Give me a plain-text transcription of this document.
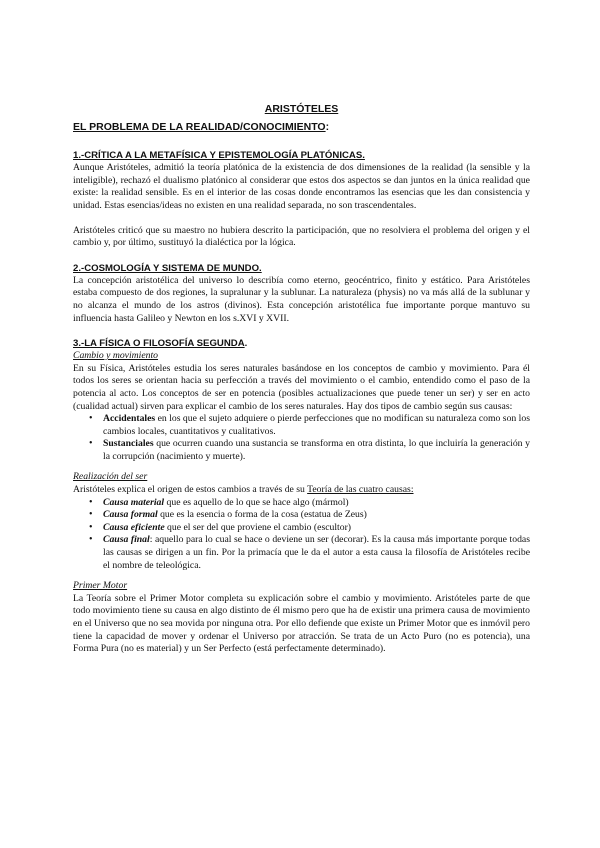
ARISTÓTELES
EL PROBLEMA DE LA REALIDAD/CONOCIMIENTO:
1.-CRÍTICA A LA METAFÍSICA Y EPISTEMOLOGÍA PLATÓNICAS.

Aunque Aristóteles, admitió la teoría platónica de la existencia de dos dimensiones de la realidad (la sensible y la inteligible), rechazó el dualismo platónico al considerar que estos dos aspectos se dan juntos en la única realidad que existe: la realidad sensible. Es en el interior de las cosas donde encontramos las esencias que les dan consistencia y unidad. Estas esencias/ideas no existen en una realidad separada, no son trascendentales.

Aristóteles criticó que su maestro no hubiera descrito la participación, que no resolviera el problema del origen y el cambio y, por último, sustituyó la dialéctica por la lógica.

2.-COSMOLOGÍA Y SISTEMA DE MUNDO.

La concepción aristotélica del universo lo describía como eterno, geocéntrico, finito y estático. Para Aristóteles estaba compuesto de dos regiones, la supralunar y la sublunar. La naturaleza (physis) no va más allá de la sublunar y no alcanza el mundo de los astros (divinos). Esta concepción aristotélica fue importante porque mantuvo su influencia hasta Galileo y Newton en los s.XVI y XVII.

3.-LA FÍSICA O FILOSOFÍA SEGUNDA.
Cambio y movimiento

En su Física, Aristóteles estudia los seres naturales basándose en los conceptos de cambio y movimiento. Para él todos los seres se orientan hacia su perfección a través del movimiento o el cambio, entendido como el paso de la potencia al acto. Los conceptos de ser en potencia (posibles actualizaciones que puede tener un ser) y ser en acto (cualidad actual) sirven para explicar el cambio de los seres naturales. Hay dos tipos de cambio según sus causas:

• Accidentales en los que el sujeto adquiere o pierde perfecciones que no modifican su naturaleza como son los cambios locales, cuantitativos y cualitativos.
• Sustanciales que ocurren cuando una sustancia se transforma en otra distinta, lo que incluiría la generación y la corrupción (nacimiento y muerte).
Realización del ser

Aristóteles explica el origen de estos cambios a través de su Teoría de las cuatro causas:

• Causa material que es aquello de lo que se hace algo (mármol)
• Causa formal que es la esencia o forma de la cosa (estatua de Zeus)
• Causa eficiente que el ser del que proviene el cambio (escultor)
• Causa final: aquello para lo cual se hace o deviene un ser (decorar). Es la causa más importante porque todas las causas se dirigen a un fin. Por la primacía que le da el autor a esta causa la filosofía de Aristóteles recibe el nombre de teleológica.
Primer Motor

La Teoría sobre el Primer Motor completa su explicación sobre el cambio y movimiento. Aristóteles parte de que todo movimiento tiene su causa en algo distinto de él mismo pero que ha de existir una primera causa de movimiento en el Universo que no sea movida por ninguna otra. Por ello defiende que existe un Primer Motor que es inmóvil pero tiene la capacidad de mover y ordenar el Universo por atracción. Se trata de un Acto Puro (no es potencia), una Forma Pura (no es material) y un Ser Perfecto (está perfectamente determinado).
